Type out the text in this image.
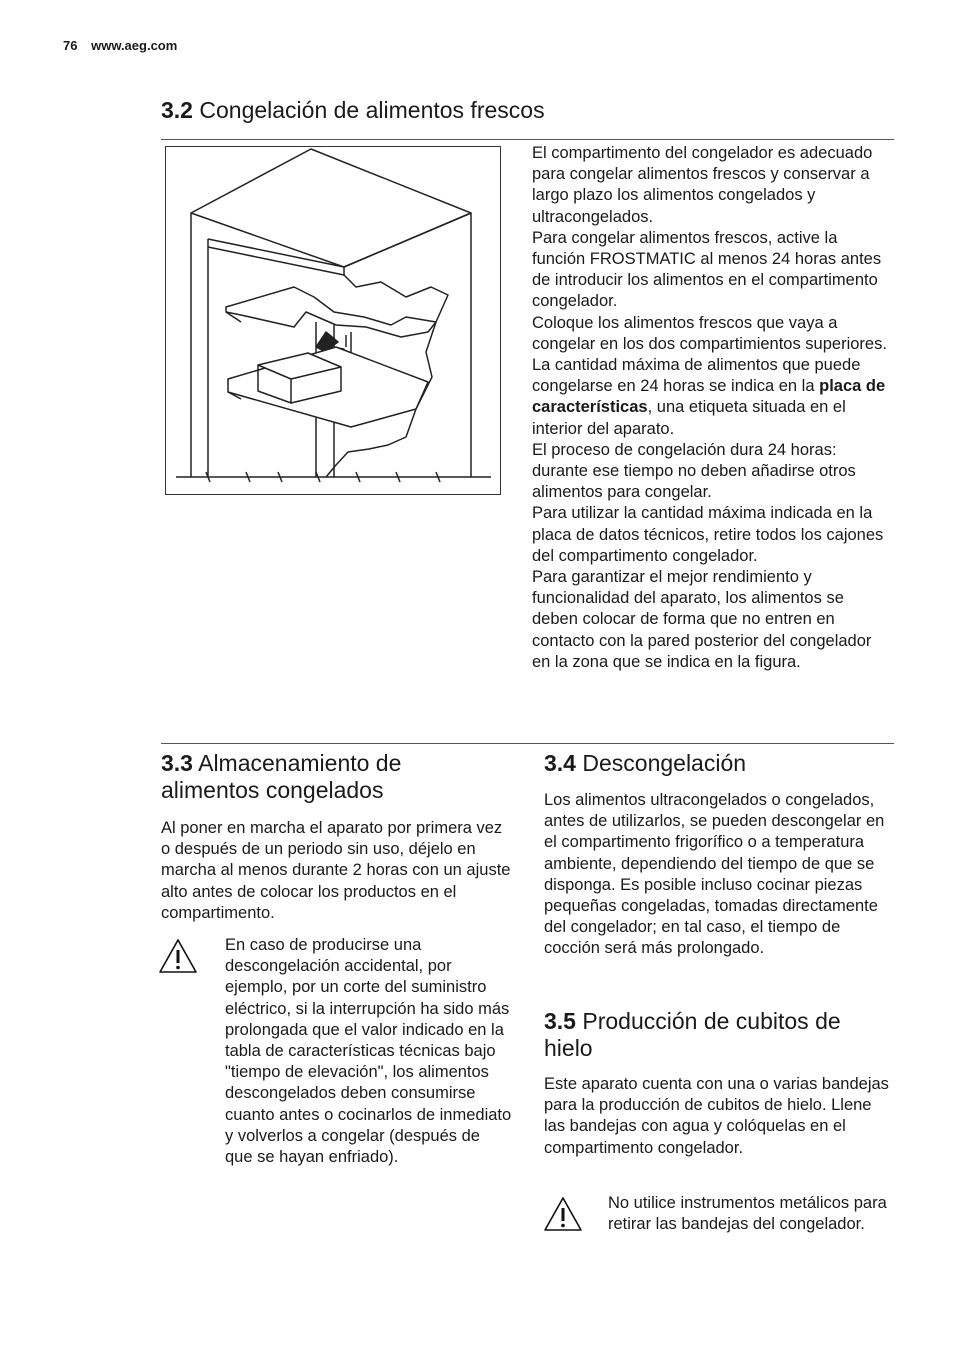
76 www.aeg.com
3.2 Congelación de alimentos frescos

El compartimento del congelador es adecuado para congelar alimentos frescos y conservar a largo plazo los alimentos congelados y ultracongelados.

Para congelar alimentos frescos, active la función FROSTMATIC al menos 24 horas antes de introducir los alimentos en el compartimento congelador.

Coloque los alimentos frescos que vaya a congelar en los dos compartimientos superiores.

La cantidad máxima de alimentos que puede congelarse en 24 horas se indica en la placa de características, una etiqueta situada en el interior del aparato.

El proceso de congelación dura 24 horas: durante ese tiempo no deben añadirse otros alimentos para congelar.

Para utilizar la cantidad máxima indicada en la placa de datos técnicos, retire todos los cajones del compartimento congelador.

Para garantizar el mejor rendimiento y funcionalidad del aparato, los alimentos se deben colocar de forma que no entren en contacto con la pared posterior del congelador en la zona que se indica en la figura.

3.3 Almacenamiento de alimentos congelados

Al poner en marcha el aparato por primera vez o después de un periodo sin uso, déjelo en marcha al menos durante 2 horas con un ajuste alto antes de colocar los productos en el compartimento.

En caso de producirse una descongelación accidental, por ejemplo, por un corte del suministro eléctrico, si la interrupción ha sido más prolongada que el valor indicado en la tabla de características técnicas bajo "tiempo de elevación", los alimentos descongelados deben consumirse cuanto antes o cocinarlos de inmediato y volverlos a congelar (después de que se hayan enfriado).

3.4 Descongelación

Los alimentos ultracongelados o congelados, antes de utilizarlos, se pueden descongelar en el compartimento frigorífico o a temperatura ambiente, dependiendo del tiempo de que se disponga. Es posible incluso cocinar piezas pequeñas congeladas, tomadas directamente del congelador; en tal caso, el tiempo de cocción será más prolongado.

3.5 Producción de cubitos de hielo

Este aparato cuenta con una o varias bandejas para la producción de cubitos de hielo. Llene las bandejas con agua y colóquelas en el compartimento congelador.

No utilice instrumentos metálicos para retirar las bandejas del congelador.
